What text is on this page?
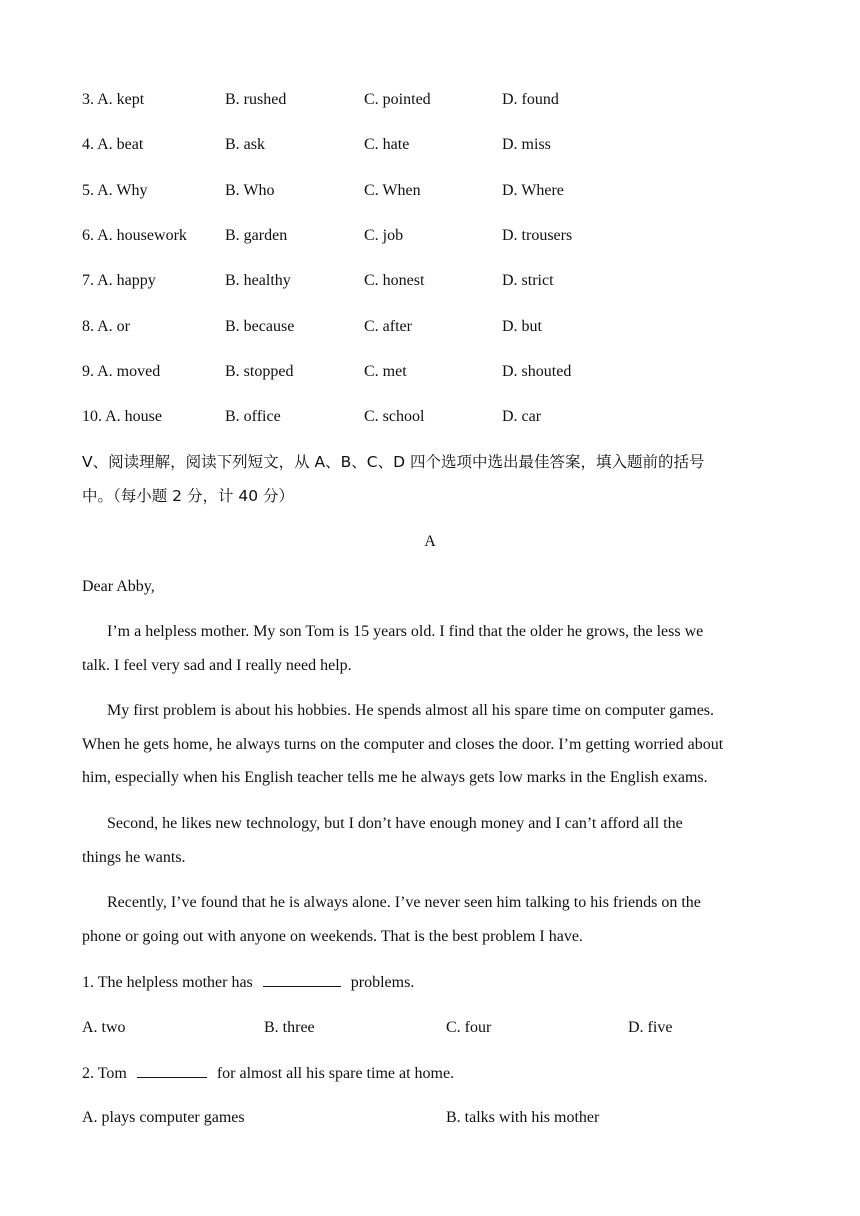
3. A. kept	B. rushed	C. pointed	D. found
4. A. beat	B. ask	C. hate	D. miss
5. A. Why	B. Who	C. When	D. Where
6. A. housework B. garden	C. job	D. trousers
7. A. happy	B. healthy	C. honest	D. strict
8. A. or	B. because	C. after	D. but
9. A. moved	B. stopped	C. met	D. shouted
10. A. house	B. office	C. school	D. car
V、阅读理解，阅读下列短文，从 A、B、C、D 四个选项中选出最佳答案，填入题前的括号
中。（每小题 2 分，计 40 分）
A
Dear Abby,
I’m a helpless mother. My son Tom is 15 years old. I find that the older he grows, the less we
talk. I feel very sad and I really need help.
My first problem is about his hobbies. He spends almost all his spare time on computer games.
When he gets home, he always turns on the computer and closes the door. I’m getting worried about
him, especially when his English teacher tells me he always gets low marks in the English exams.
Second, he likes new technology, but I don’t have enough money and I can’t afford all the
things he wants.
Recently, I’ve found that he is always alone. I’ve never seen him talking to his friends on the
phone or going out with anyone on weekends. That is the best problem I have.
1. The helpless mother has	problems.
A. two	B. three	C. four	D. five
2. Tom	for almost all his spare time at home.
A. plays computer games	B. talks with his mother
